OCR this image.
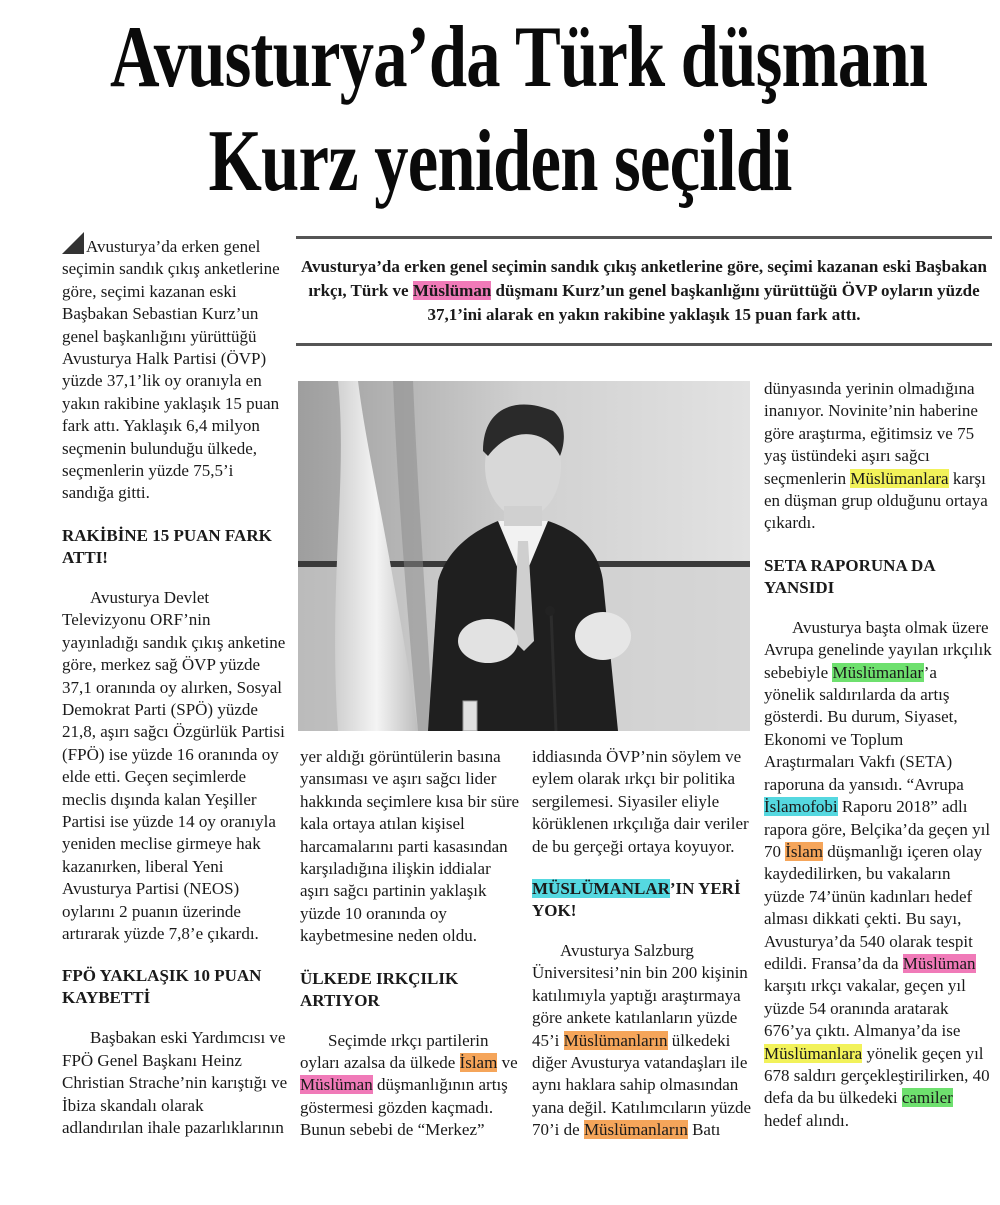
Avusturya’da Türk düşmanı
Kurz yeniden seçildi
Avusturya’da erken genel seçimin sandık çıkış anketlerine göre, seçimi kazanan eski Başbakan ırkçı, Türk ve Müslüman düşmanı Kurz’un genel başkanlığını yürüttüğü ÖVP oyların yüzde 37,1’ini alarak en yakın rakibine yaklaşık 15 puan fark attı.

Avusturya’da erken genel seçimin sandık çıkış anketlerine göre, seçimi kazanan eski Başbakan Sebastian Kurz’un genel başkanlığını yürüttüğü Avusturya Halk Partisi (ÖVP) yüzde 37,1’lik oy oranıyla en yakın rakibine yaklaşık 15 puan fark attı. Yaklaşık 6,4 milyon seçmenin bulunduğu ülkede, seçmenlerin yüzde 75,5’i sandığa gitti.

RAKİBİNE 15 PUAN FARK ATTI!

Avusturya Devlet Televizyonu ORF’nin yayınladığı sandık çıkış anketine göre, merkez sağ ÖVP yüzde 37,1 oranında oy alırken, Sosyal Demokrat Parti (SPÖ) yüzde 21,8, aşırı sağcı Özgürlük Partisi (FPÖ) ise yüzde 16 oranında oy elde etti. Geçen seçimlerde meclis dışında kalan Yeşiller Partisi ise yüzde 14 oy oranıyla yeniden meclise girmeye hak kazanırken, liberal Yeni Avusturya Partisi (NEOS) oylarını 2 puanın üzerinde artırarak yüzde 7,8’e çıkardı.

FPÖ YAKLAŞIK 10 PUAN KAYBETTİ

Başbakan eski Yardımcısı ve FPÖ Genel Başkanı Heinz Christian Strache’nin karıştığı ve İbiza skandalı olarak adlandırılan ihale pazarlıklarının

yer aldığı görüntülerin basına yansıması ve aşırı sağcı lider hakkında seçimlere kısa bir süre kala ortaya atılan kişisel harcamalarını parti kasasından karşıladığına ilişkin iddialar aşırı sağcı partinin yaklaşık yüzde 10 oranında oy kaybetmesine neden oldu.

ÜLKEDE IRKÇILIK ARTIYOR

Seçimde ırkçı partilerin oyları azalsa da ülkede İslam ve Müslüman düşmanlığının artış göstermesi gözden kaçmadı. Bunun sebebi de “Merkez”

iddiasında ÖVP’nin söylem ve eylem olarak ırkçı bir politika sergilemesi. Siyasiler eliyle körüklenen ırkçılığa dair veriler de bu gerçeği ortaya koyuyor.

MÜSLÜMANLAR’IN YERİ YOK!

Avusturya Salzburg Üniversitesi’nin bin 200 kişinin katılımıyla yaptığı araştırmaya göre ankete katılanların yüzde 45’i Müslümanların ülkedeki diğer Avusturya vatandaşları ile aynı haklara sahip olmasından yana değil. Katılımcıların yüzde 70’i de Müslümanların Batı

dünyasında yerinin olmadığına inanıyor. Novinite’nin haberine göre araştırma, eğitimsiz ve 75 yaş üstündeki aşırı sağcı seçmenlerin Müslümanlara karşı en düşman grup olduğunu ortaya çıkardı.

SETA RAPORUNA DA YANSIDI

Avusturya başta olmak üzere Avrupa genelinde yayılan ırkçılık sebebiyle Müslümanlar’a yönelik saldırılarda da artış gösterdi. Bu durum, Siyaset, Ekonomi ve Toplum Araştırmaları Vakfı (SETA) raporuna da yansıdı. “Avrupa İslamofobi Raporu 2018” adlı rapora göre, Belçika’da geçen yıl 70 İslam düşmanlığı içeren olay kaydedilirken, bu vakaların yüzde 74’ünün kadınları hedef alması dikkati çekti. Bu sayı, Avusturya’da 540 olarak tespit edildi. Fransa’da da Müslüman karşıtı ırkçı vakalar, geçen yıl yüzde 54 oranında aratarak 676’ya çıktı. Almanya’da ise Müslümanlara yönelik geçen yıl 678 saldırı gerçekleştirilirken, 40 defa da bu ülkedeki camiler hedef alındı.
